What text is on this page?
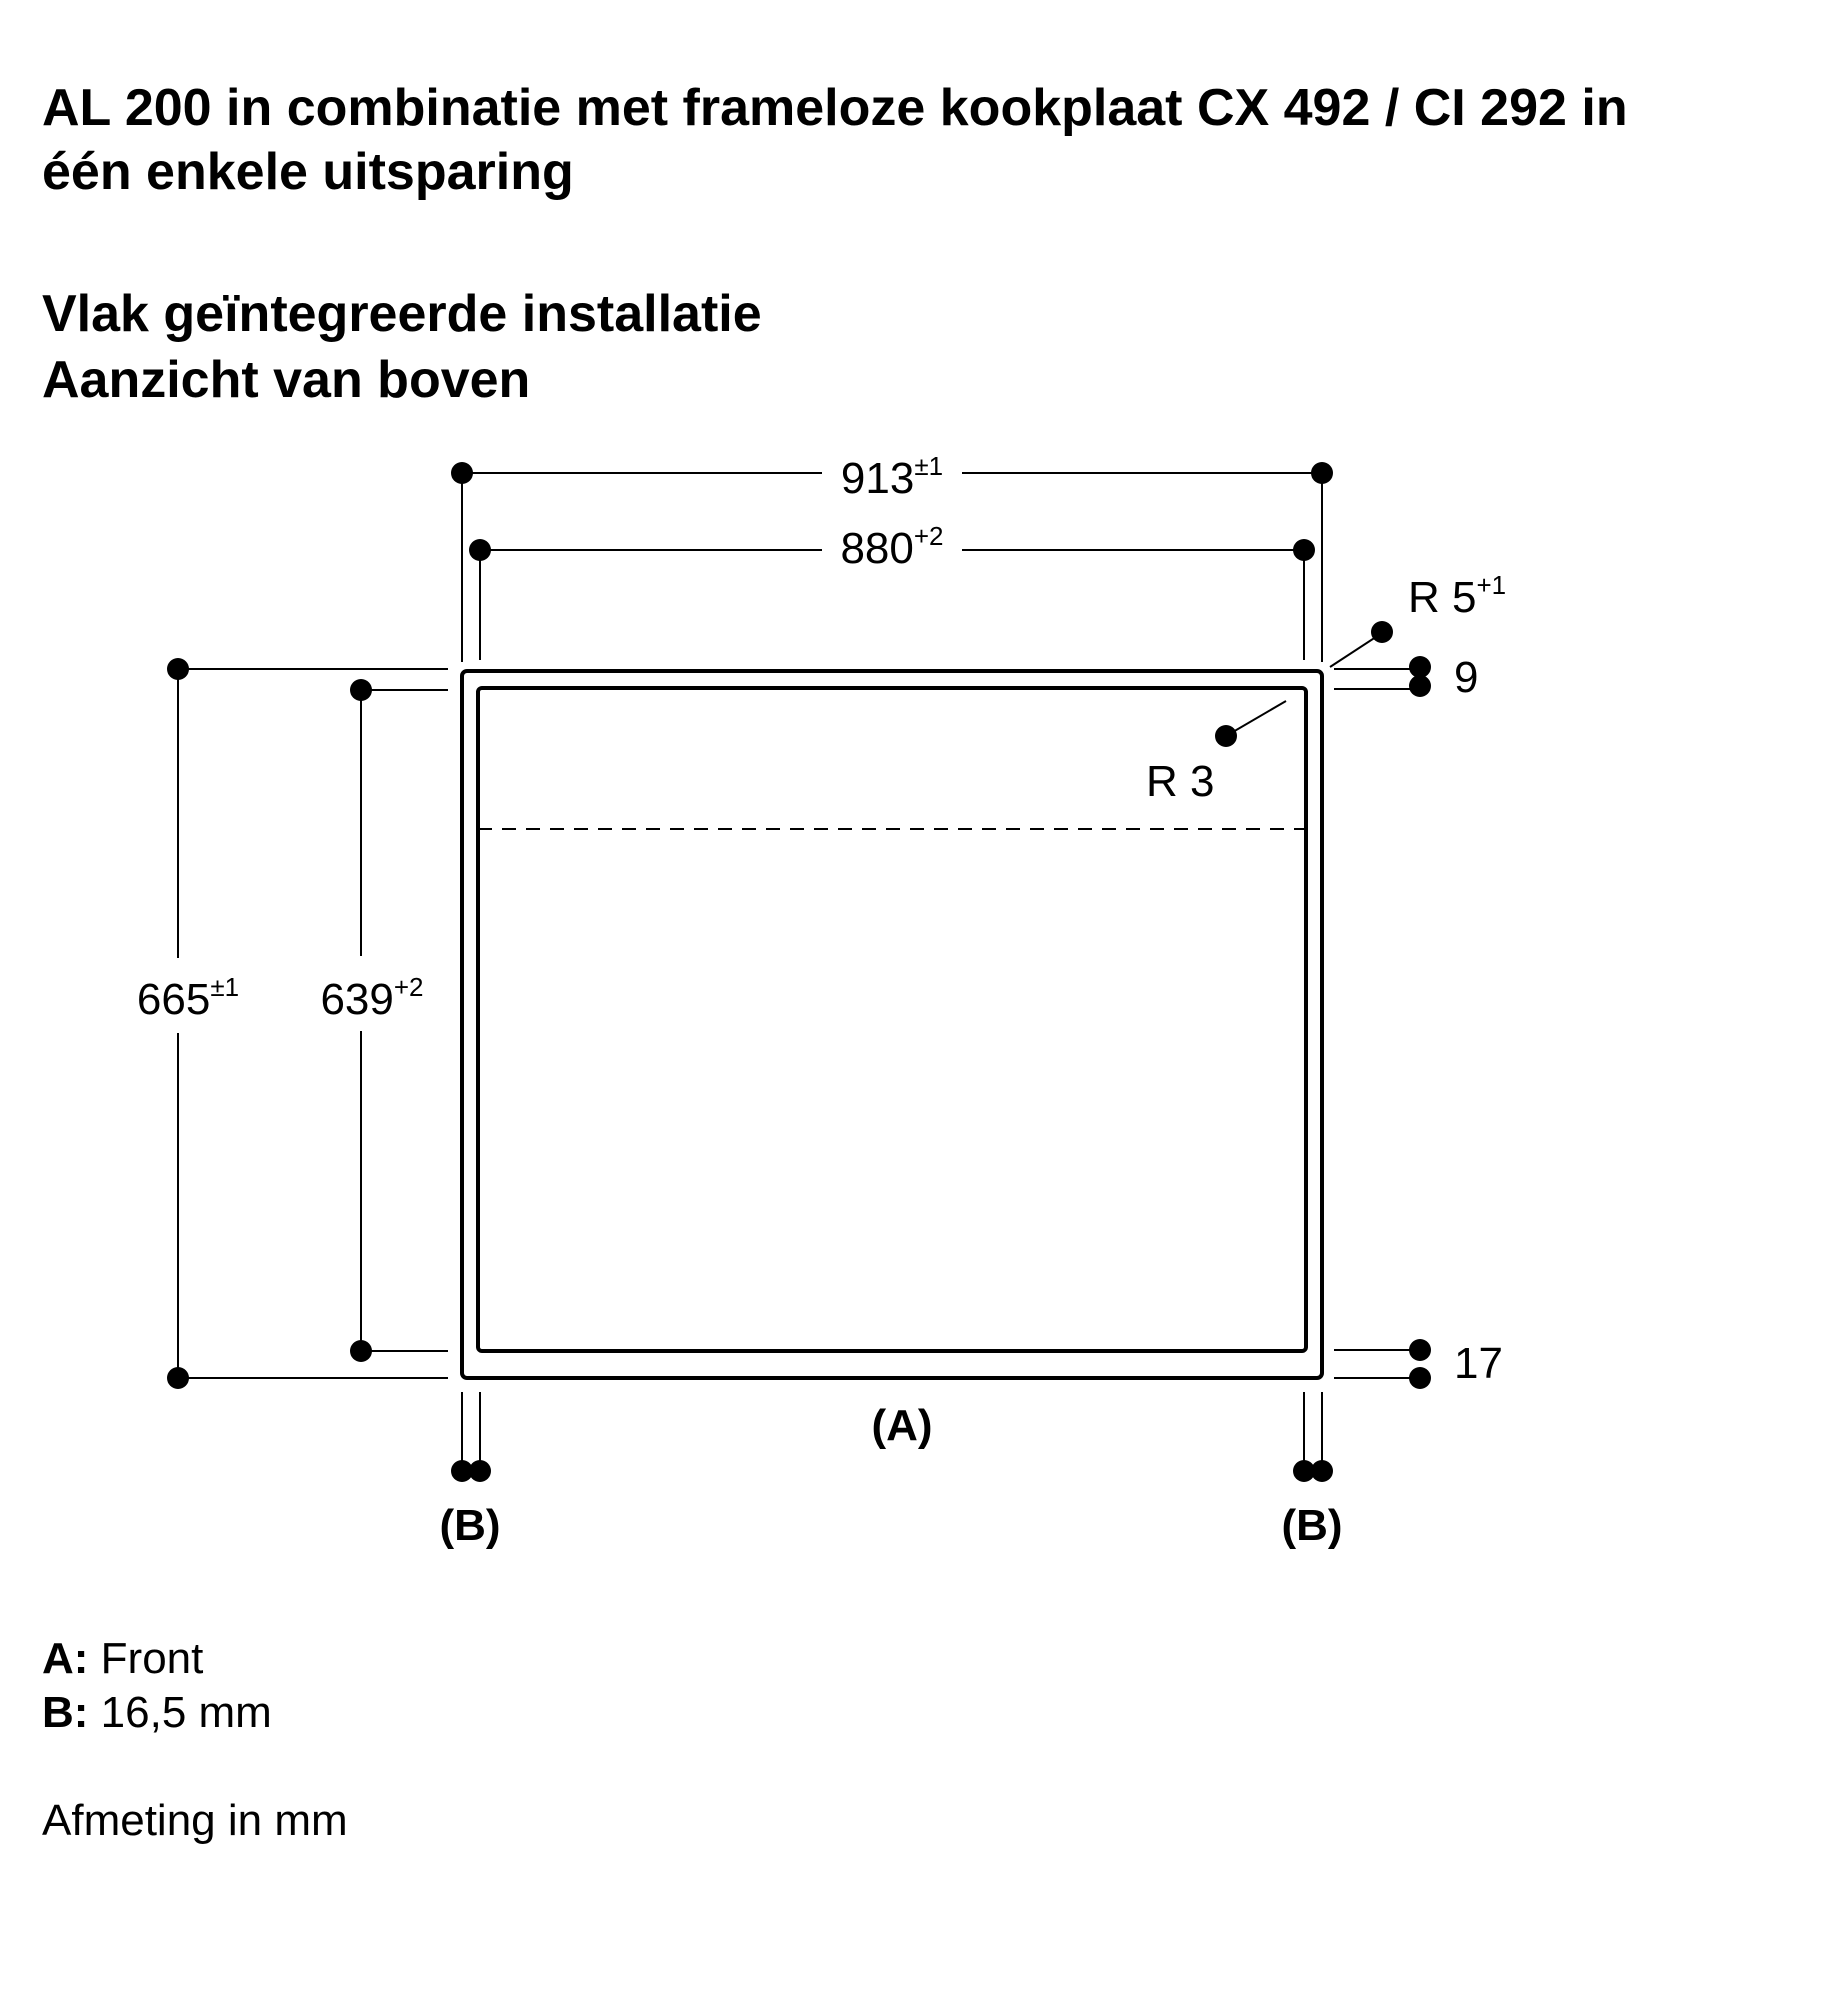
AL 200 in combinatie met frameloze kookplaat CX 492 / CI 292 in
één enkele uitsparing
Vlak geïntegreerde installatie
Aanzicht van boven
$913^{\pm 1}$
$880^{+2}$
$665^{\pm 1}$ $639^{+2}$
R $5^{+1}$
R 3
9
17
(A)
(B)	(B)

A: Front

B: 16,5 mm

Afmeting in mm
